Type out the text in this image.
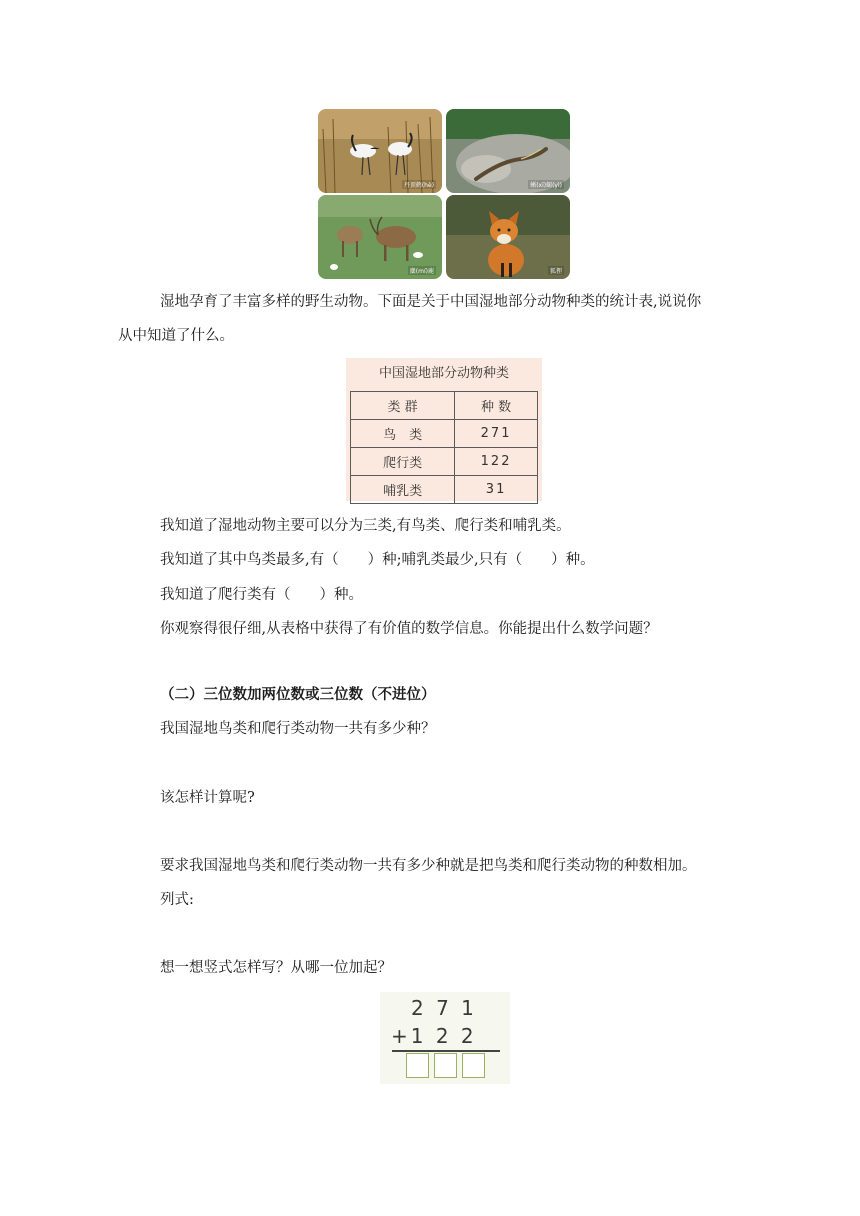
丹顶鹤(hè)	蜥(xī)蜴(yì)
麋(mí)鹿	狐狸

湿地孕育了丰富多样的野生动物。下面是关于中国湿地部分动物种类的统计表,说说你

从中知道了什么。

中国湿地部分动物种类
类 群	种 数
鸟　类	271
爬行类	122
哺乳类	31

我知道了湿地动物主要可以分为三类,有鸟类、爬行类和哺乳类。

我知道了其中鸟类最多,有（　　）种;哺乳类最少,只有（　　）种。

我知道了爬行类有（　　）种。

你观察得很仔细,从表格中获得了有价值的数学信息。你能提出什么数学问题？

（二）三位数加两位数或三位数（不进位）

我国湿地鸟类和爬行类动物一共有多少种？

该怎样计算呢?

要求我国湿地鸟类和爬行类动物一共有多少种就是把鸟类和爬行类动物的种数相加。

列式:

想一想竖式怎样写？从哪一位加起？

2 7 1
+1 2 2
